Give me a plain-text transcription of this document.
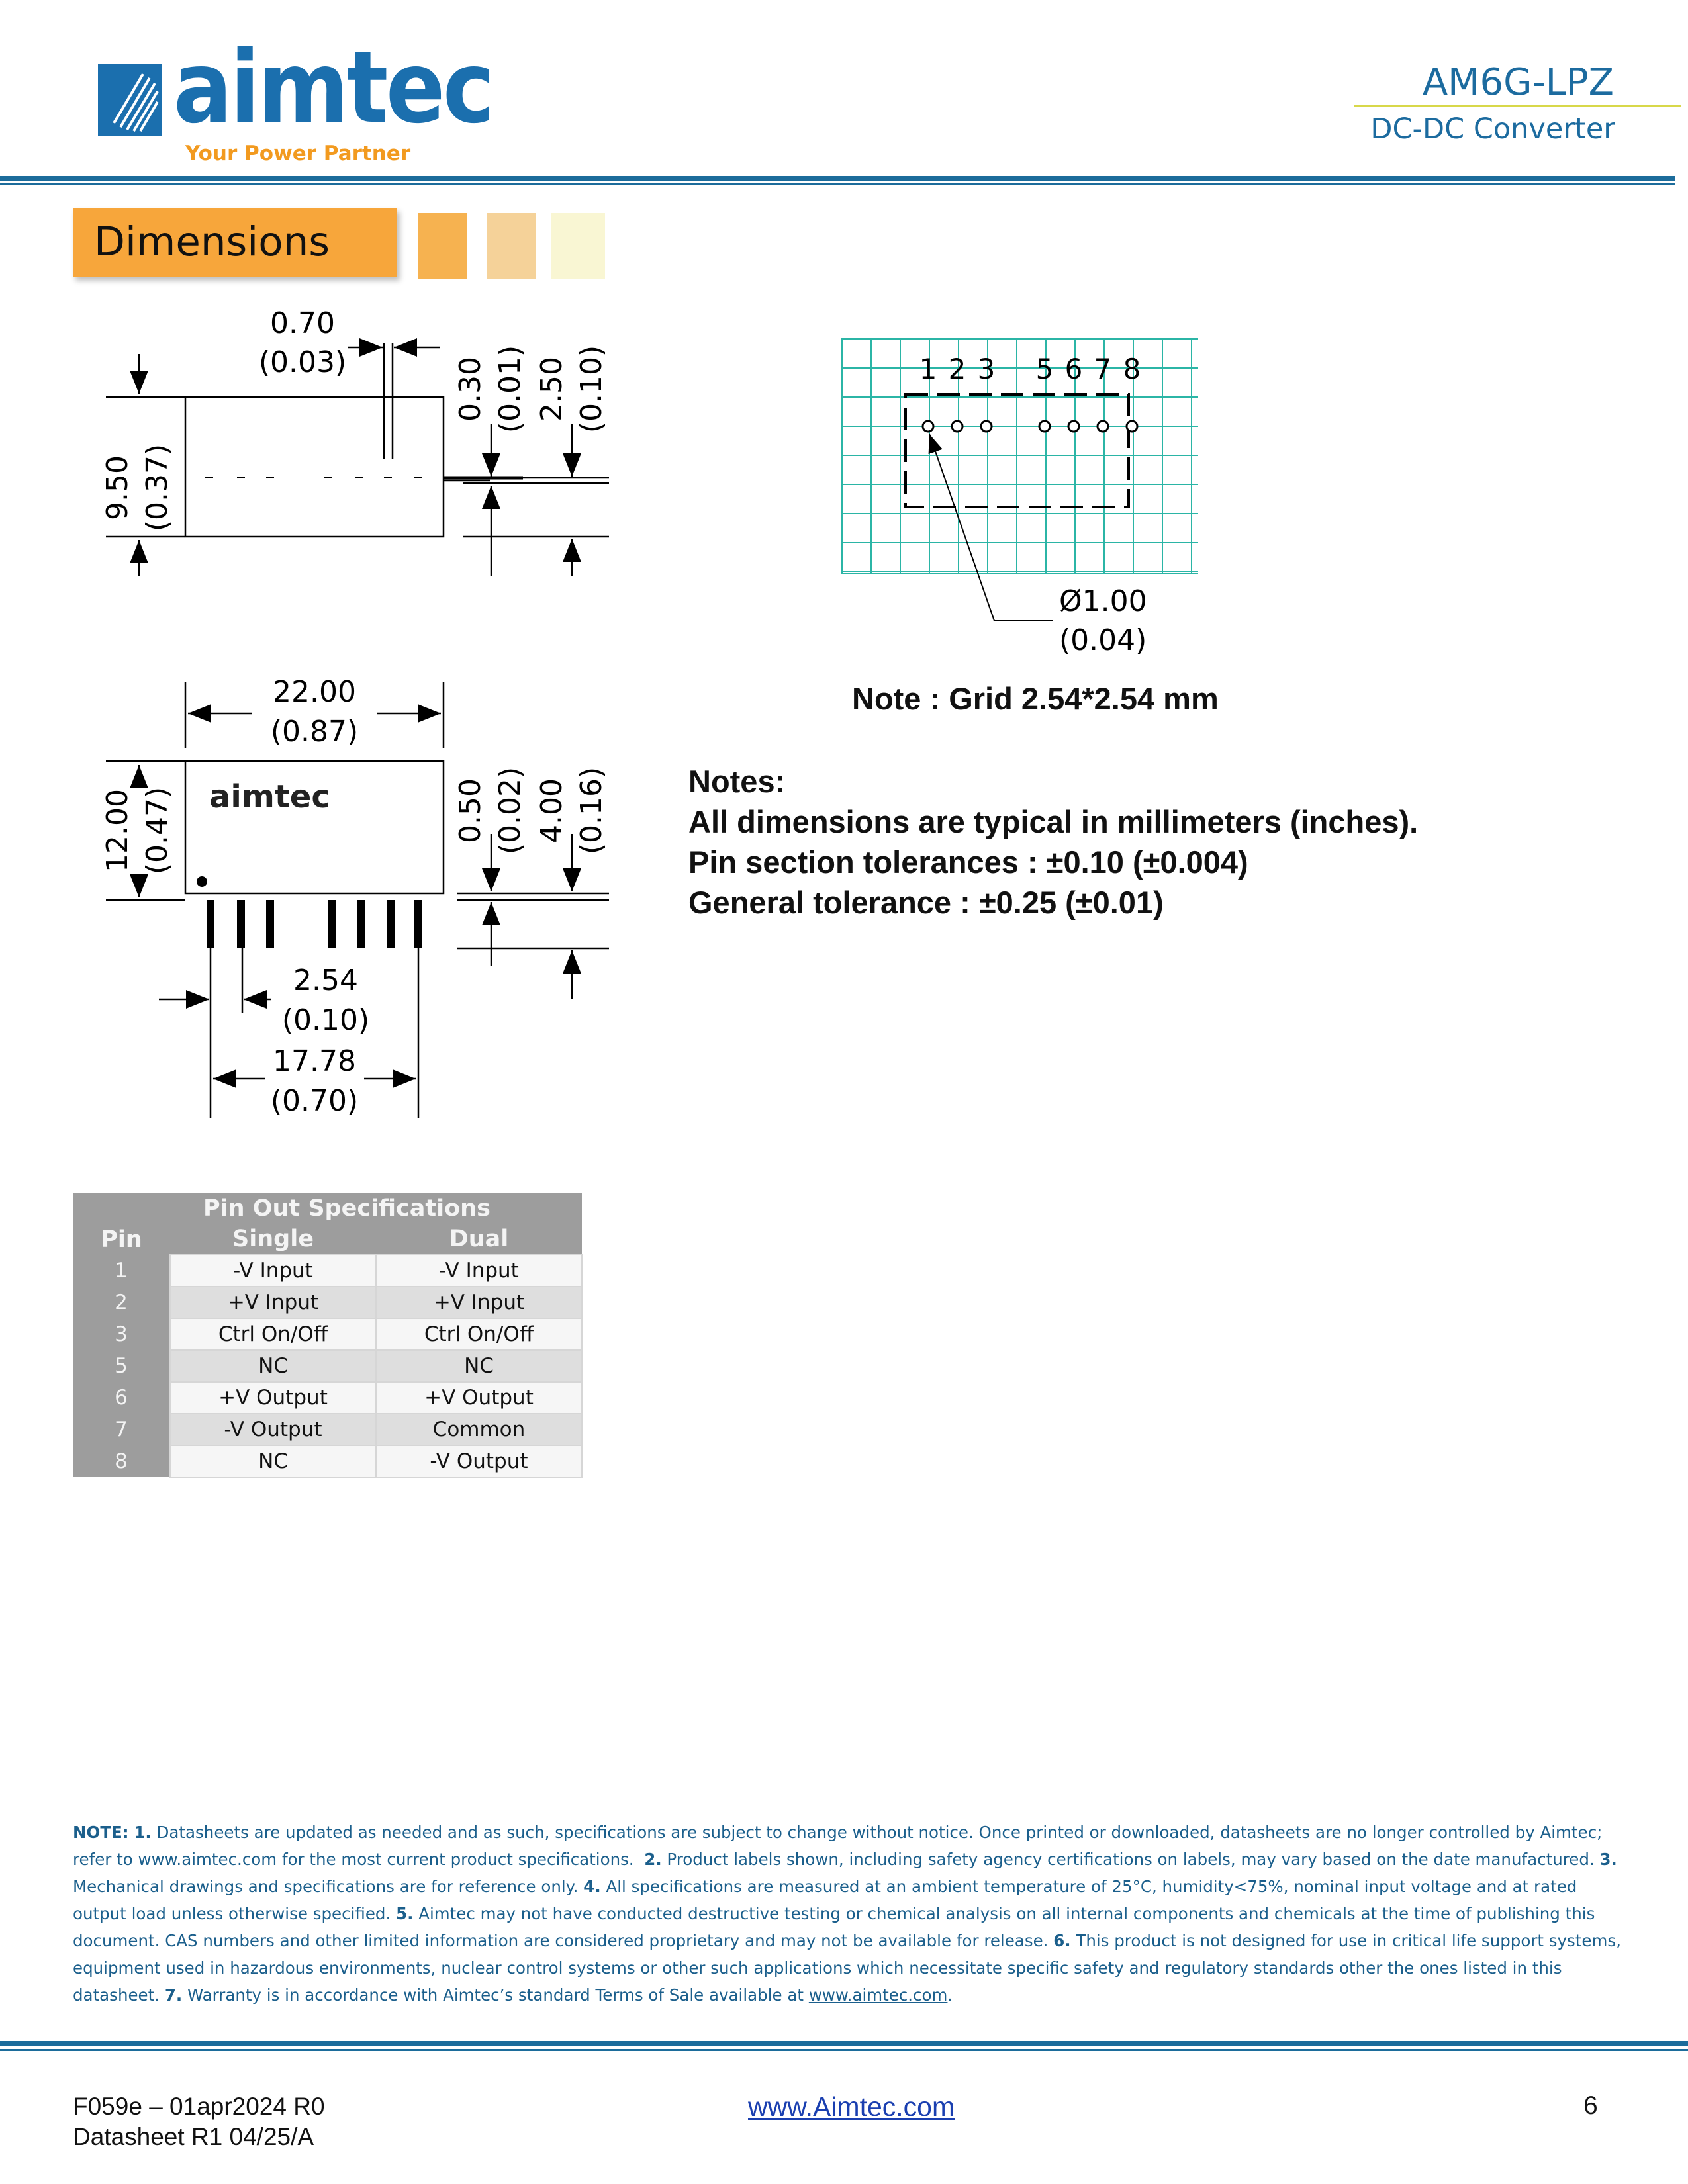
aimtec
Your Power Partner
AM6G-LPZ
DC-DC Converter
Dimensions
0.70
(0.03)
9.50 (0.37)
0.30 (0.01) 2.50 (0.10)
aimtec
22.00
(0.87)
12.00 (0.47)	0.50 (0.02) 4.00 (0.16)
2.54
(0.10)
17.78
(0.70)
1 2 3 5 6 7 8
Ø1.00
(0.04)
Note : Grid 2.54*2.54 mm
Notes:
All dimensions are typical in millimeters (inches).
Pin section tolerances : ±0.10 (±0.004)
General tolerance : ±0.25 (±0.01)
	Pin Out Specifications	
Pin	Single	Dual
1	-V Input	-V Input
2	+V Input	+V Input
3	Ctrl On/Off	Ctrl On/Off
5	NC	NC
6	+V Output	+V Output
7	-V Output	Common
8	NC	-V Output
NOTE: 1. Datasheets are updated as needed and as such, specifications are subject to change without notice. Once printed or downloaded, datasheets are no longer controlled by Aimtec; refer to www.aimtec.com for the most current product specifications. 2. Product labels shown, including safety agency certifications on labels, may vary based on the date manufactured. 3. Mechanical drawings and specifications are for reference only. 4. All specifications are measured at an ambient temperature of 25°C, humidity<75%, nominal input voltage and at rated output load unless otherwise specified. 5. Aimtec may not have conducted destructive testing or chemical analysis on all internal components and chemicals at the time of publishing this document. CAS numbers and other limited information are considered proprietary and may not be available for release. 6. This product is not designed for use in critical life support systems, equipment used in hazardous environments, nuclear control systems or other such applications which necessitate specific safety and regulatory standards other the ones listed in this datasheet. 7. Warranty is in accordance with Aimtec’s standard Terms of Sale available at www.aimtec.com.
F059e – 01apr2024 R0
Datasheet R1 04/25/A
www.Aimtec.com	6
